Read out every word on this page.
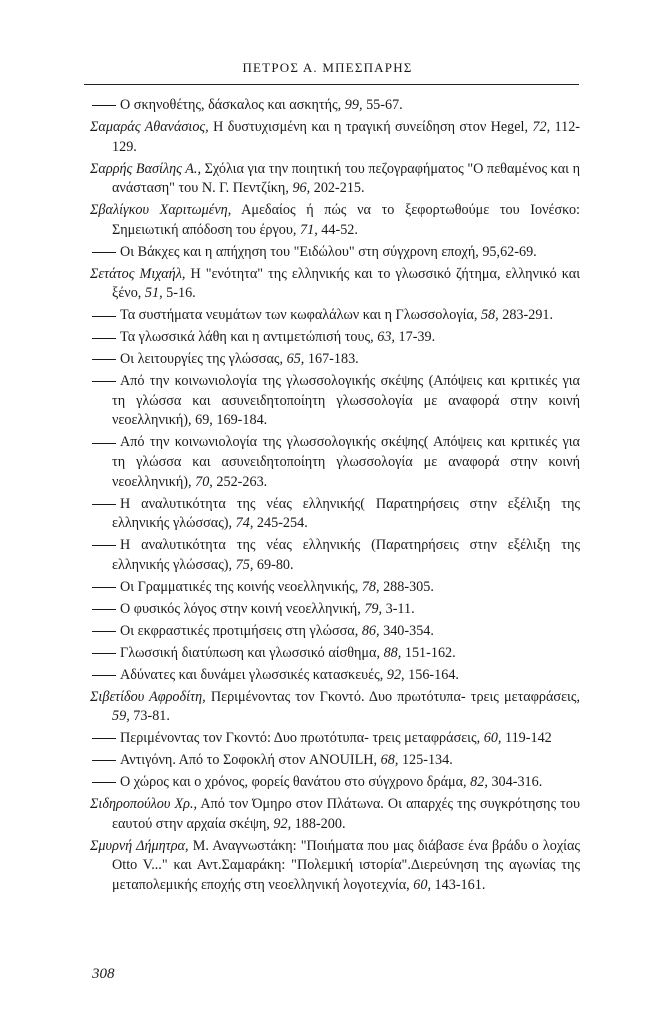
ΠΕΤΡΟΣ Α. ΜΠΕΣΠΑΡΗΣ

Ο σκηνοθέτης, δάσκαλος και ασκητής, 99, 55-67.

Σαμαράς Αθανάσιος, Η δυστυχισμένη και η τραγική συνείδηση στον Hegel, 72, 112-129.

Σαρρής Βασίλης Α., Σχόλια για την ποιητική του πεζογραφήματος "Ο πεθαμένος και η ανάσταση" του Ν. Γ. Πεντζίκη, 96, 202-215.

Σβαλίγκου Χαριτωμένη, Αμεδαίος ή πώς να το ξεφορτωθούμε του Ιονέσκο: Σημειωτική απόδοση του έργου, 71, 44-52.

Οι Βάκχες και η απήχηση του "Ειδώλου" στη σύγχρονη εποχή, 95,62-69.

Σετάτος Μιχαήλ, Η "ενότητα" της ελληνικής και το γλωσσικό ζήτημα, ελληνικό και ξένο, 51, 5-16.

Τα συστήματα νευμάτων των κωφαλάλων και η Γλωσσολογία, 58, 283-291.

Τα γλωσσικά λάθη και η αντιμετώπισή τους, 63, 17-39.

Οι λειτουργίες της γλώσσας, 65, 167-183.

Από την κοινωνιολογία της γλωσσολογικής σκέψης (Απόψεις και κριτικές για τη γλώσσα και ασυνειδητοποίητη γλωσσολογία με αναφορά στην κοινή νεοελληνική), 69, 169-184.

Από την κοινωνιολογία της γλωσσολογικής σκέψης( Απόψεις και κριτικές για τη γλώσσα και ασυνειδητοποίητη γλωσσολογία με αναφορά στην κοινή νεοελληνική), 70, 252-263.

Η αναλυτικότητα της νέας ελληνικής( Παρατηρήσεις στην εξέλιξη της ελληνικής γλώσσας), 74, 245-254.

Η αναλυτικότητα της νέας ελληνικής (Παρατηρήσεις στην εξέλιξη της ελληνικής γλώσσας), 75, 69-80.

Οι Γραμματικές της κοινής νεοελληνικής, 78, 288-305.

Ο φυσικός λόγος στην κοινή νεοελληνική, 79, 3-11.

Οι εκφραστικές προτιμήσεις στη γλώσσα, 86, 340-354.

Γλωσσική διατύπωση και γλωσσικό αίσθημα, 88, 151-162.

Αδύνατες και δυνάμει γλωσσικές κατασκευές, 92, 156-164.

Σιβετίδου Αφροδίτη, Περιμένοντας τον Γκοντό. Δυο πρωτότυπα- τρεις μεταφράσεις, 59, 73-81.

Περιμένοντας τον Γκοντό: Δυο πρωτότυπα- τρεις μεταφράσεις, 60, 119-142

Αντιγόνη. Από το Σοφοκλή στον ANOUILH, 68, 125-134.

Ο χώρος και ο χρόνος, φορείς θανάτου στο σύγχρονο δράμα, 82, 304-316.

Σιδηροπούλου Χρ., Από τον Όμηρο στον Πλάτωνα. Οι απαρχές της συγκρότησης του εαυτού στην αρχαία σκέψη, 92, 188-200.

Σμυρνή Δήμητρα, Μ. Αναγνωστάκη: "Ποιήματα που μας διάβασε ένα βράδυ ο λοχίας Otto V..." και Αντ.Σαμαράκη: "Πολεμική ιστορία".Διερεύνηση της αγωνίας της μεταπολεμικής εποχής στη νεοελληνική λογοτεχνία, 60, 143-161.

308
